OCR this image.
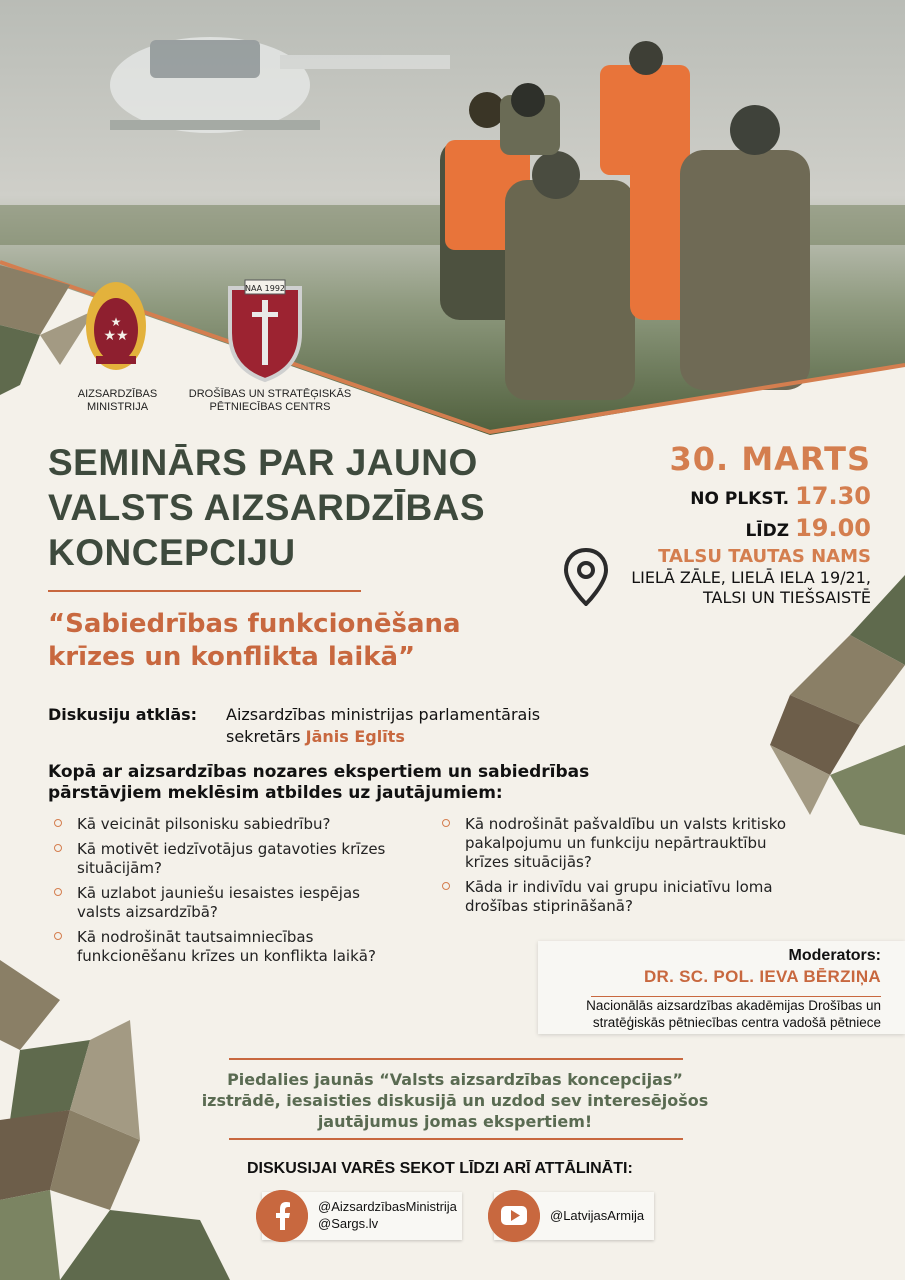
★★
★
AIZSARDZĪBAS
MINISTRIJA
NAA 1992
DROŠĪBAS UN STRATĒĢISKĀS
PĒTNIECĪBAS CENTRS
SEMINĀRS PAR JAUNO
VALSTS AIZSARDZĪBAS
KONCEPCIJU
“Sabiedrības funkcionēšana
krīzes un konflikta laikā”
30. MARTS
NO PLKST. 17.30
LĪDZ 19.00
TALSU TAUTAS NAMS
LIELĀ ZĀLE, LIELĀ IELA 19/21,
TALSI UN TIEŠSAISTĒ
Diskusiju atklās: Aizsardzības ministrijas parlamentārais
sekretārs Jānis Eglīts
Kopā ar aizsardzības nozares ekspertiem un sabiedrības
pārstāvjiem meklēsim atbildes uz jautājumiem:
Kā veicināt pilsonisku sabiedrību?
Kā motivēt iedzīvotājus gatavoties krīzes
situācijām?
Kā uzlabot jauniešu iesaistes iespējas
valsts aizsardzībā?
Kā nodrošināt tautsaimniecības
funkcionēšanu krīzes un konflikta laikā?
Kā nodrošināt pašvaldību un valsts kritisko
pakalpojumu un funkciju nepārtrauktību
krīzes situācijās?
Kāda ir indivīdu vai grupu iniciatīvu loma
drošības stiprināšanā?
Moderators:
DR. SC. POL. IEVA BĒRZIŅA
Nacionālās aizsardzības akadēmijas Drošības un
stratēģiskās pētniecības centra vadošā pētniece
Piedalies jaunās “Valsts aizsardzības koncepcijas”
izstrādē, iesaisties diskusijā un uzdod sev interesējošos
jautājumus jomas ekspertiem!
DISKUSIJAI VARĒS SEKOT LĪDZI ARĪ ATTĀLINĀTI:
@AizsardzībasMinistrija
@Sargs.lv
@LatvijasArmija
